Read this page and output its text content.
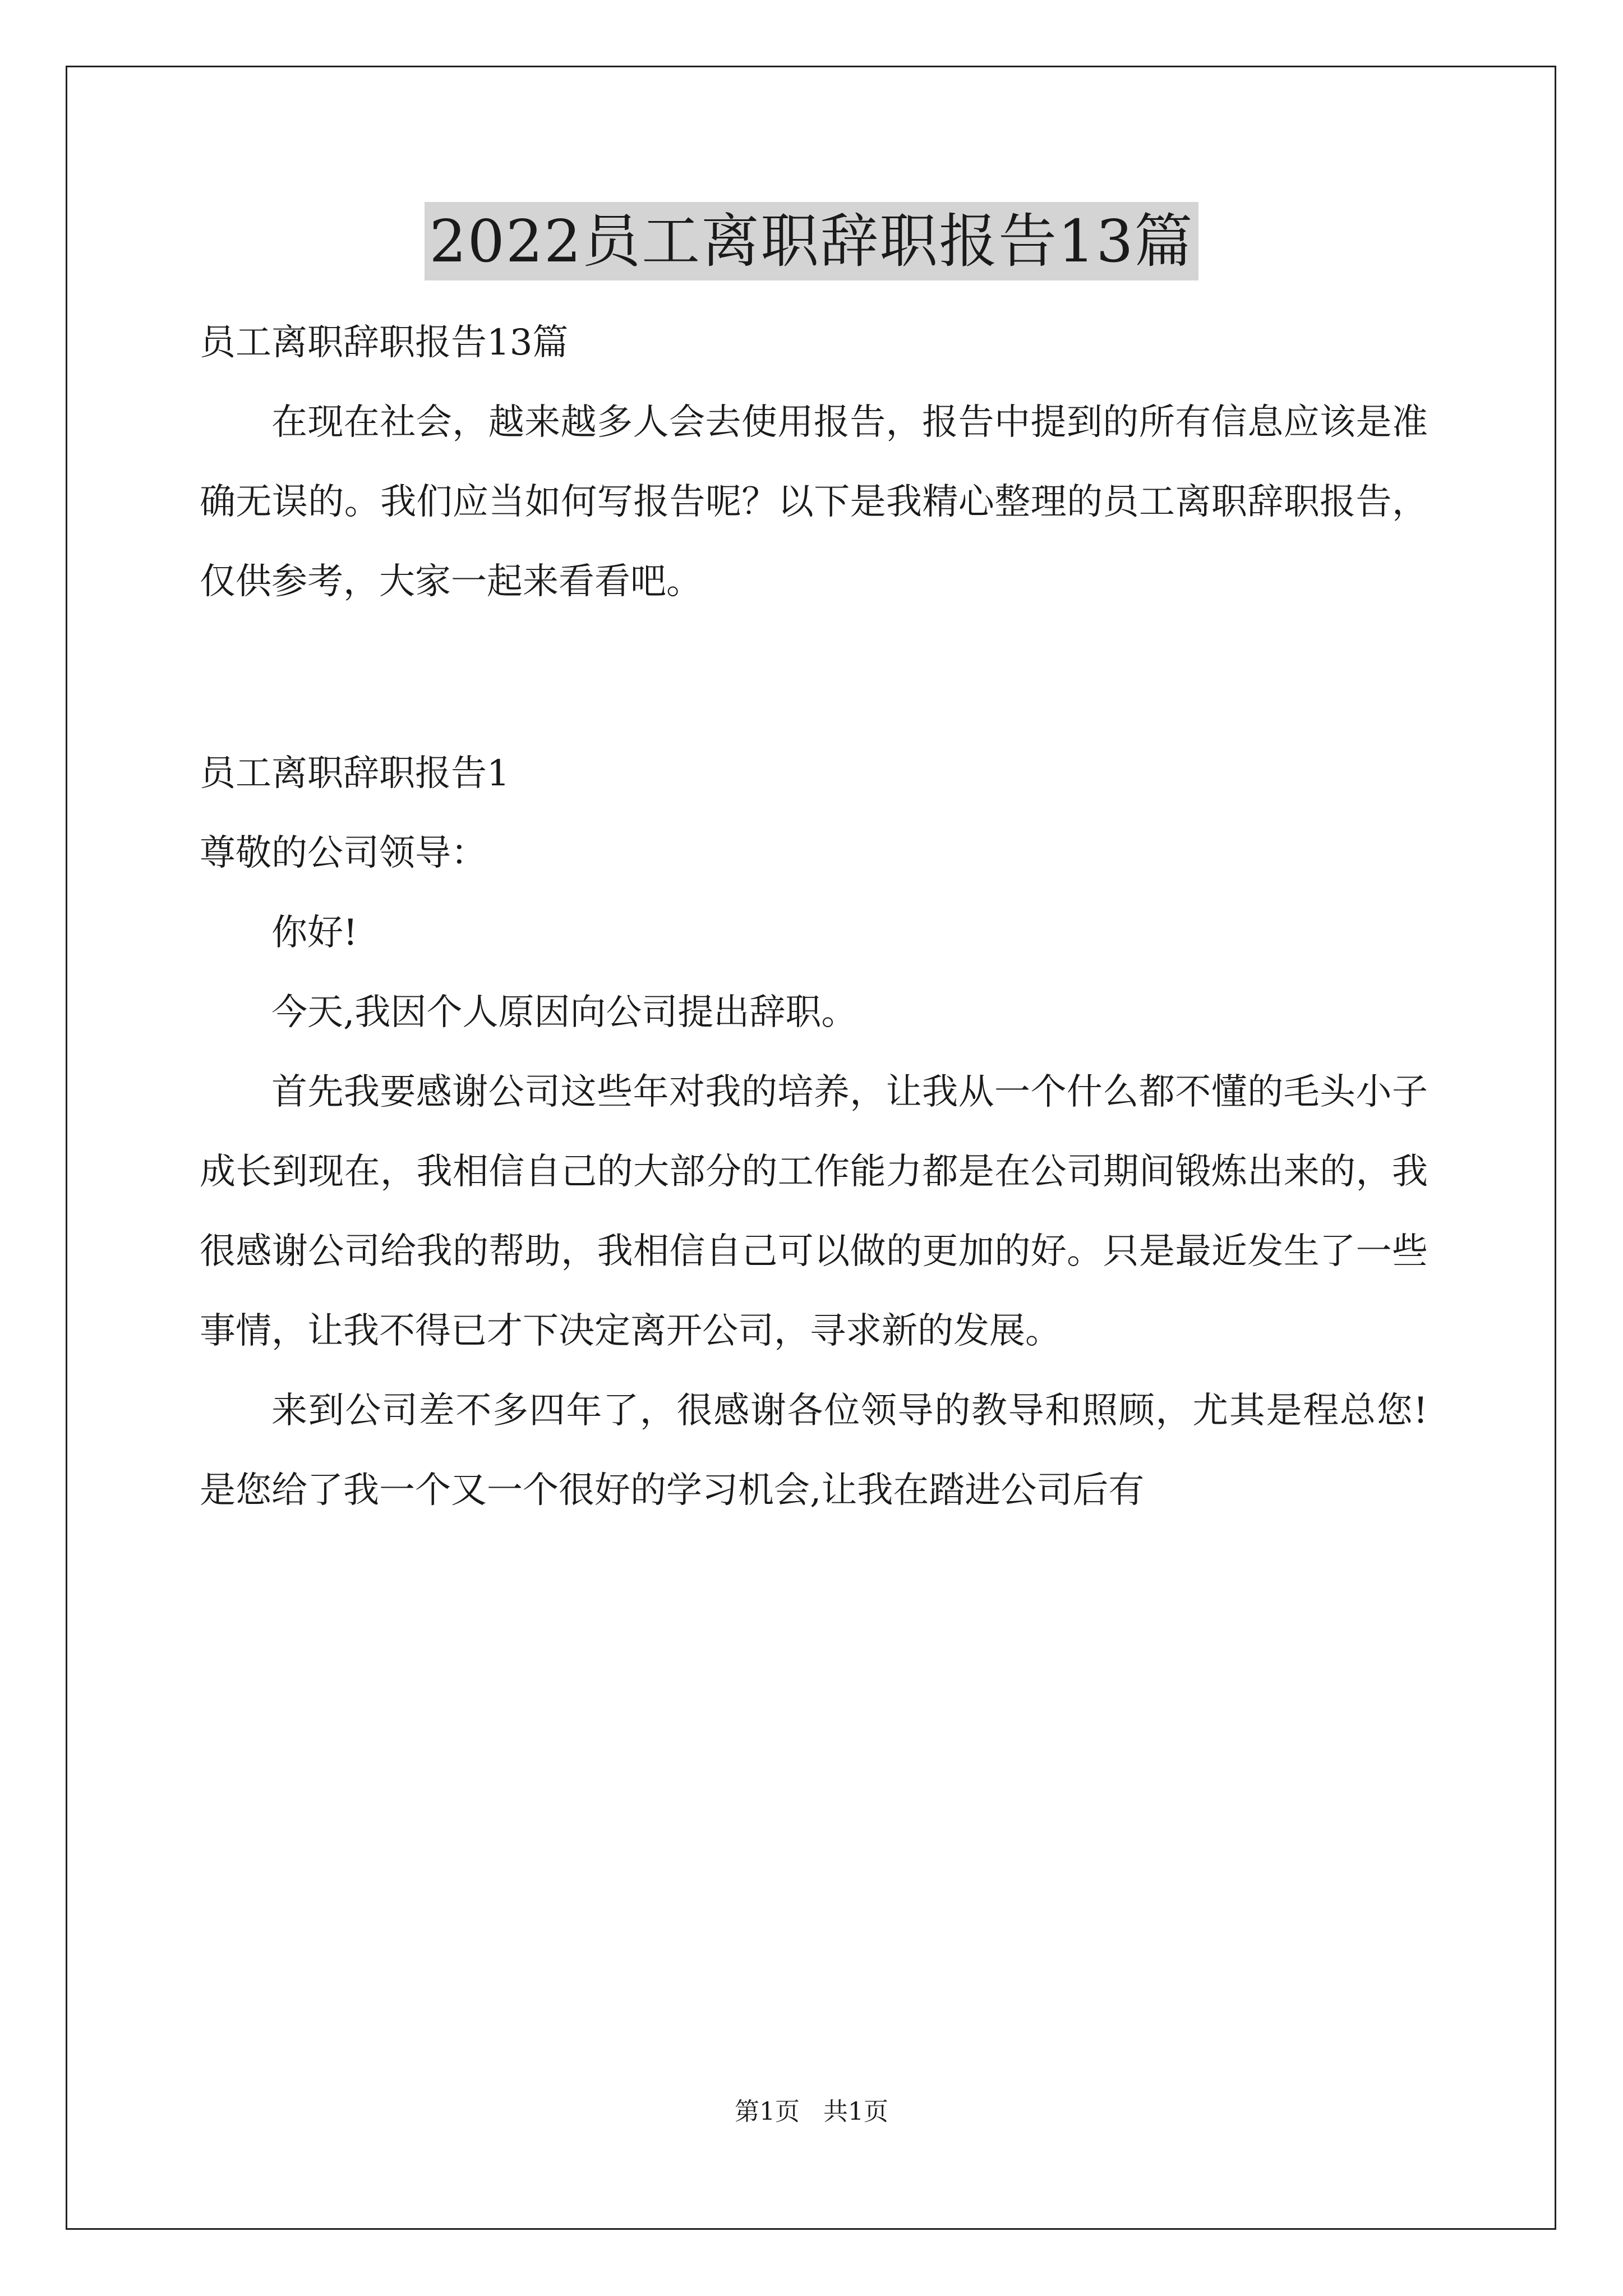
2022员工离职辞职报告13篇

员工离职辞职报告13篇

在现在社会，越来越多人会去使用报告，报告中提到的所有信息应该是准确无误的。我们应当如何写报告呢？以下是我精心整理的员工离职辞职报告，仅供参考，大家一起来看看吧。

员工离职辞职报告1

尊敬的公司领导：

你好!

今天,我因个人原因向公司提出辞职。

首先我要感谢公司这些年对我的培养，让我从一个什么都不懂的毛头小子成长到现在，我相信自己的大部分的工作能力都是在公司期间锻炼出来的，我很感谢公司给我的帮助，我相信自己可以做的更加的好。只是最近发生了一些事情，让我不得已才下决定离开公司，寻求新的发展。

来到公司差不多四年了，很感谢各位领导的教导和照顾，尤其是程总您!是您给了我一个又一个很好的学习机会,让我在踏进公司后有

第1页 共1页
